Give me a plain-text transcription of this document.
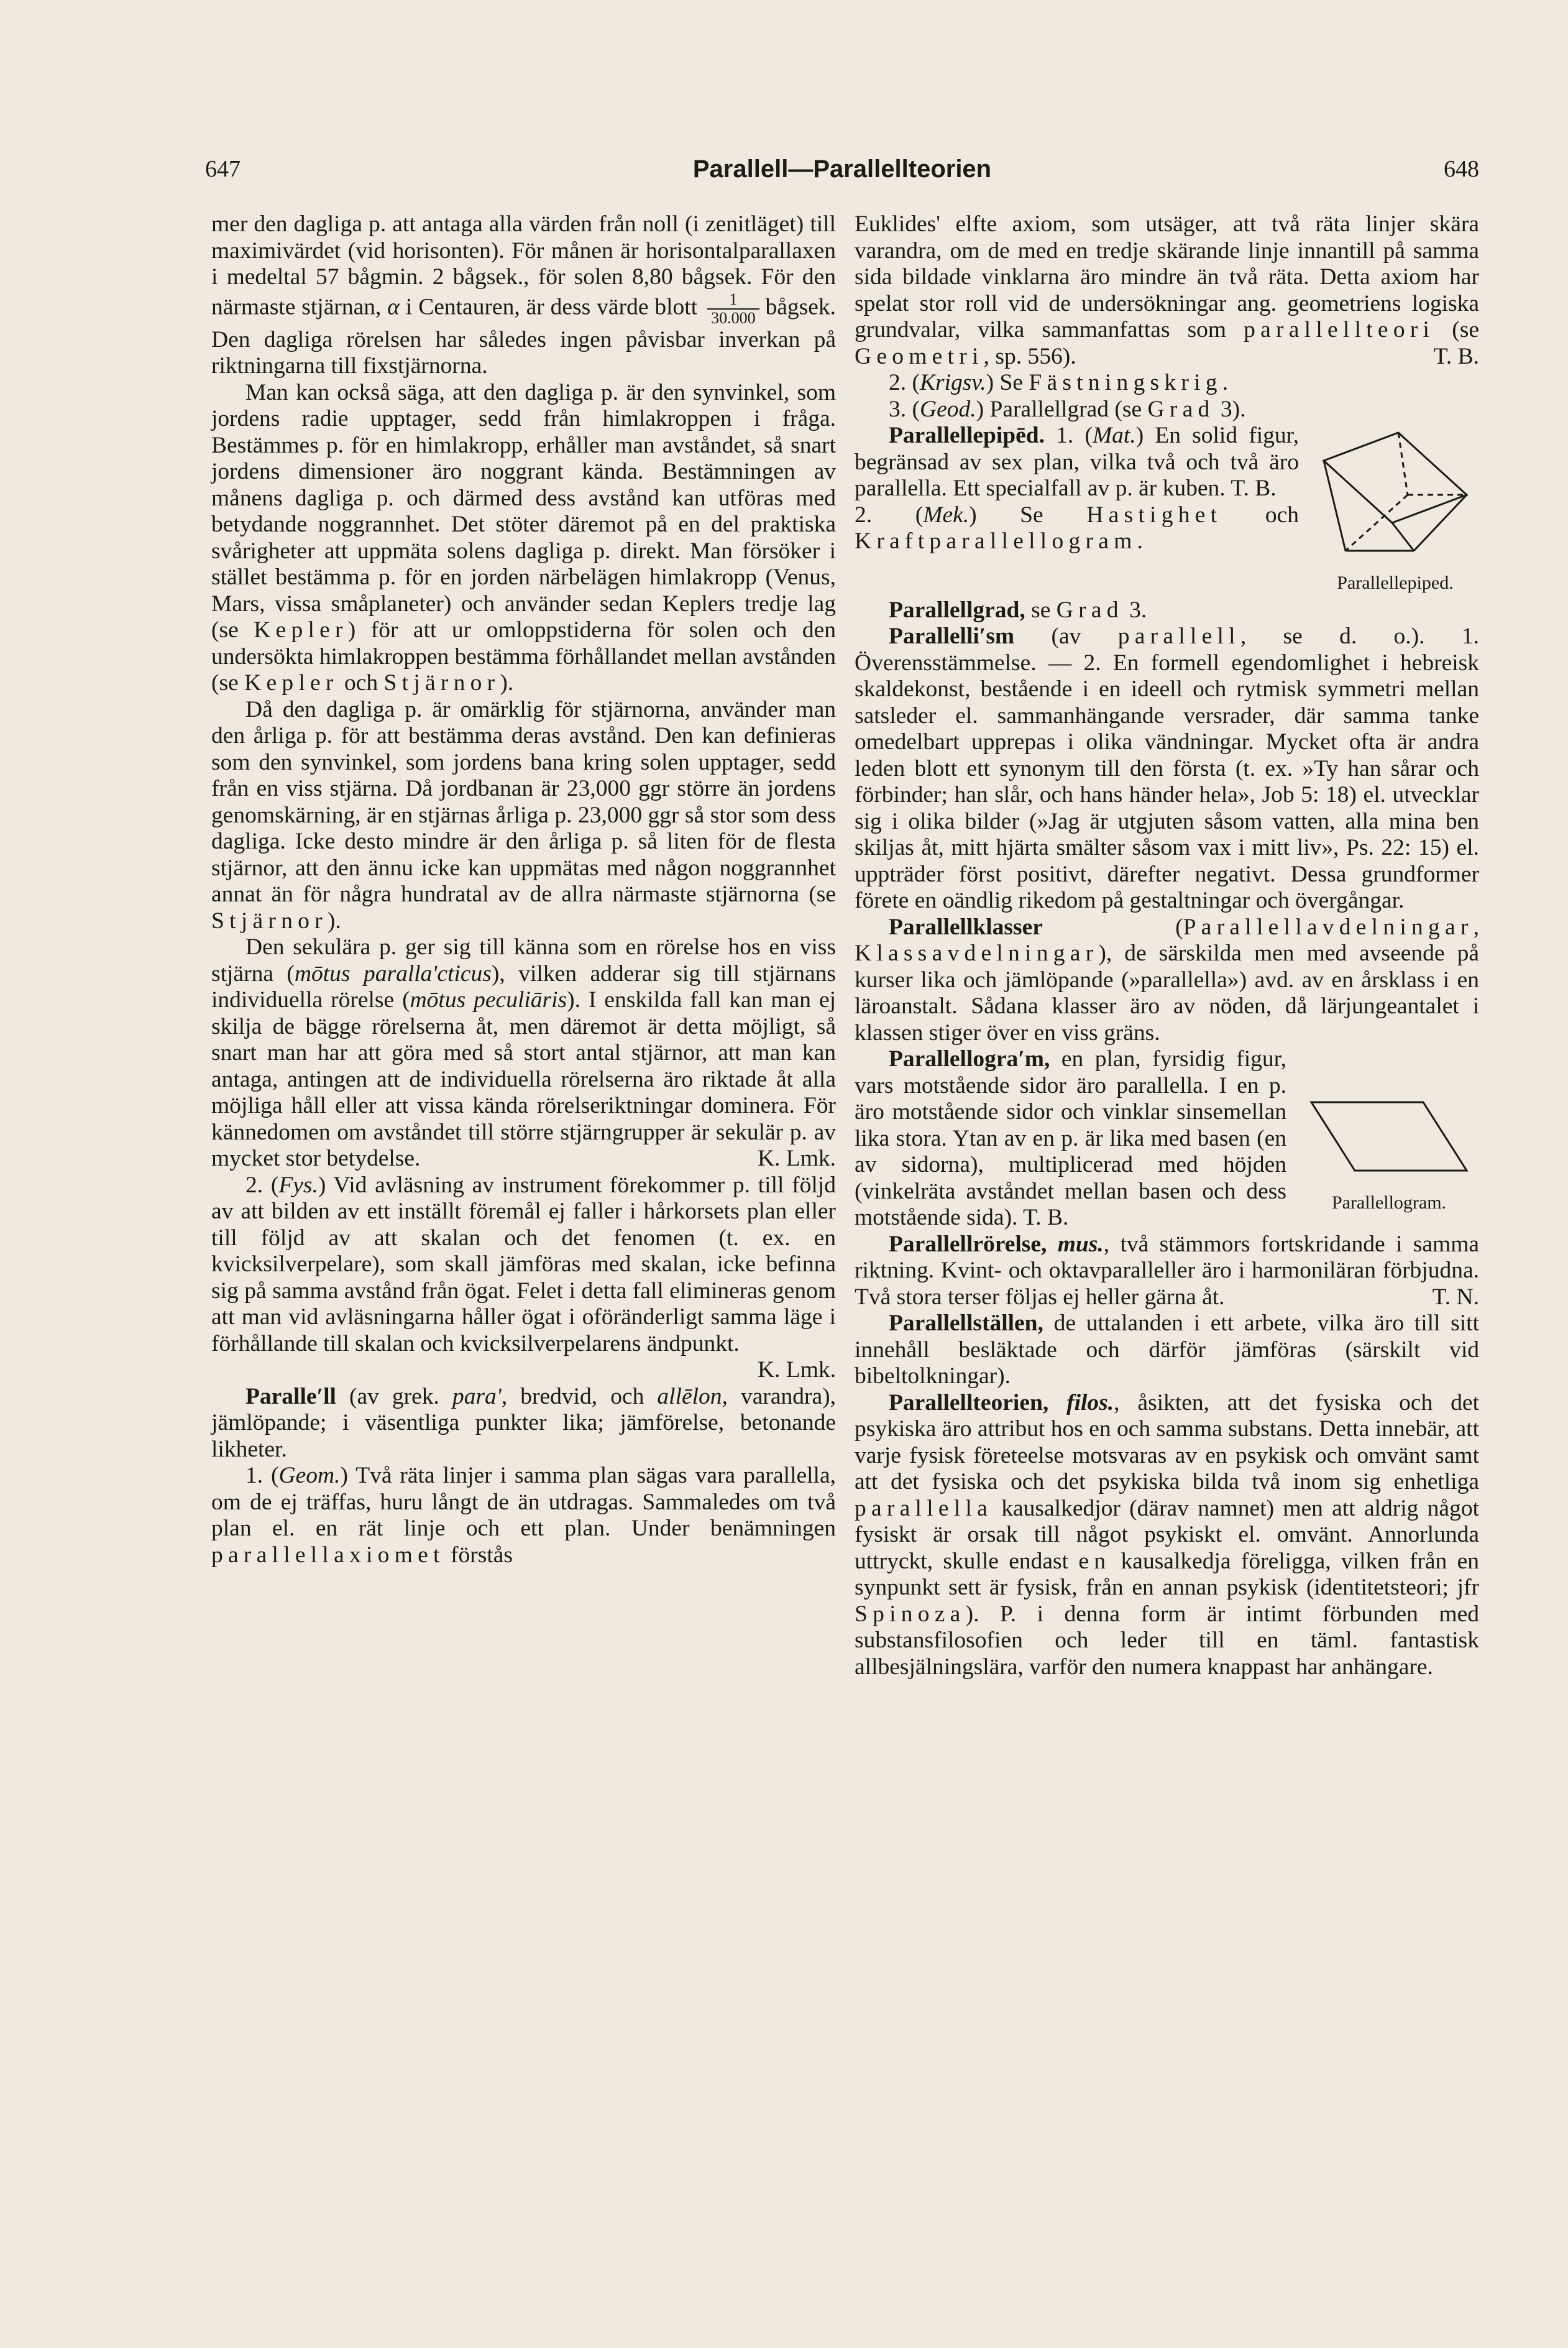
647	Parallell—Parallellteorien	648

mer den dagliga p. att antaga alla värden från noll (i zenitläget) till maximivärdet (vid horisonten). För månen är horisontalparallaxen i medeltal 57 bågmin. 2 bågsek., för solen 8,80 bågsek. För den närmaste stjärnan, α i Centauren, är dess värde blott $\frac{1}{30.000}$ bågsek. Den dagliga rörelsen har således ingen påvisbar inverkan på riktningarna till fixstjärnorna.

Man kan också säga, att den dagliga p. är den synvinkel, som jordens radie upptager, sedd från himlakroppen i fråga. Bestämmes p. för en himlakropp, erhåller man avståndet, så snart jordens dimensioner äro noggrant kända. Bestämningen av månens dagliga p. och därmed dess avstånd kan utföras med betydande noggrannhet. Det stöter däremot på en del praktiska svårigheter att uppmäta solens dagliga p. direkt. Man försöker i stället bestämma p. för en jorden närbelägen himlakropp (Venus, Mars, vissa småplaneter) och använder sedan Keplers tredje lag (se Kepler) för att ur omloppstiderna för solen och den undersökta himlakroppen bestämma förhållandet mellan avstånden (se Kepler och Stjärnor).

Då den dagliga p. är omärklig för stjärnorna, använder man den årliga p. för att bestämma deras avstånd. Den kan definieras som den synvinkel, som jordens bana kring solen upptager, sedd från en viss stjärna. Då jordbanan är 23,000 ggr större än jordens genomskärning, är en stjärnas årliga p. 23,000 ggr så stor som dess dagliga. Icke desto mindre är den årliga p. så liten för de flesta stjärnor, att den ännu icke kan uppmätas med någon noggrannhet annat än för några hundratal av de allra närmaste stjärnorna (se Stjärnor).

Den sekulära p. ger sig till känna som en rörelse hos en viss stjärna (mōtus parallaʹcticus), vilken adderar sig till stjärnans individuella rörelse (mōtus peculiāris). I enskilda fall kan man ej skilja de bägge rörelserna åt, men däremot är detta möjligt, så snart man har att göra med så stort antal stjärnor, att man kan antaga, antingen att de individuella rörelserna äro riktade åt alla möjliga håll eller att vissa kända rörelseriktningar dominera. För kännedomen om avståndet till större stjärngrupper är sekulär p. av mycket stor betydelse.	K. Lmk.

2. (Fys.) Vid avläsning av instrument förekommer p. till följd av att bilden av ett inställt föremål ej faller i hårkorsets plan eller till följd av att skalan och det fenomen (t. ex. en kvicksilverpelare), som skall jämföras med skalan, icke befinna sig på samma avstånd från ögat. Felet i detta fall elimineras genom att man vid avläsningarna håller ögat i oföränderligt samma läge i förhållande till skalan och kvicksilverpelarens ändpunkt.
K. Lmk.

Paralleʹll (av grek. paraʹ, bredvid, och allēlon, varandra), jämlöpande; i väsentliga punkter lika; jämförelse, betonande likheter.

1. (Geom.) Två räta linjer i samma plan sägas vara parallella, om de ej träffas, huru långt de än utdragas. Sammaledes om två plan el. en rät linje och ett plan. Under benämningen parallellaxiomet förstås

Euklides' elfte axiom, som utsäger, att två räta linjer skära varandra, om de med en tredje skärande linje innantill på samma sida bildade vinklarna äro mindre än två räta. Detta axiom har spelat stor roll vid de undersökningar ang. geometriens logiska grundvalar, vilka sammanfattas som parallellteori (se Geometri, sp. 556).	T. B.

2. (Krigsv.) Se Fästningskrig.

3. (Geod.) Parallellgrad (se Grad 3).

Parallellepiped.

Parallellepipēd. 1. (Mat.) En solid figur, begränsad av sex plan, vilka två och två äro parallella. Ett specialfall av p. är kuben. T. B.
2. (Mek.) Se Hastighet och Kraftparallellogram.

Parallellgrad, se Grad 3.

Parallelliʹsm (av parallell, se d. o.). 1. Överensstämmelse. — 2. En formell egendomlighet i hebreisk skaldekonst, bestående i en ideell och rytmisk symmetri mellan satsleder el. sammanhängande versrader, där samma tanke omedelbart upprepas i olika vändningar. Mycket ofta är andra leden blott ett synonym till den första (t. ex. »Ty han sårar och förbinder; han slår, och hans händer hela», Job 5: 18) el. utvecklar sig i olika bilder (»Jag är utgjuten såsom vatten, alla mina ben skiljas åt, mitt hjärta smälter såsom vax i mitt liv», Ps. 22: 15) el. uppträder först positivt, därefter negativt. Dessa grundformer förete en oändlig rikedom på gestaltningar och övergångar.

Parallellklasser	(Parallellavdelningar, Klassavdelningar), de särskilda men med avseende på kurser lika och jämlöpande (»parallella») avd. av en årsklass i en läroanstalt. Sådana klasser äro av nöden, då lärjungeantalet i klassen stiger över en viss gräns.

Parallellogram.

Parallellograʹm, en plan, fyrsidig figur, vars motstående sidor äro parallella. I en p. äro motstående sidor och vinklar sinsemellan lika stora. Ytan av en p. är lika med basen (en av sidorna), multiplicerad med höjden (vinkelräta avståndet mellan basen och dess motstående sida). T. B.

Parallellrörelse, mus., två stämmors fortskridande i samma riktning. Kvint- och oktavparalleller äro i harmoniläran förbjudna. Två stora terser följas ej heller gärna åt.	T. N.

Parallellställen, de uttalanden i ett arbete, vilka äro till sitt innehåll besläktade och därför jämföras (särskilt vid bibeltolkningar).

Parallellteorien, filos., åsikten, att det fysiska och det psykiska äro attribut hos en och samma substans. Detta innebär, att varje fysisk företeelse motsvaras av en psykisk och omvänt samt att det fysiska och det psykiska bilda två inom sig enhetliga parallella kausalkedjor (därav namnet) men att aldrig något fysiskt är orsak till något psykiskt el. omvänt. Annorlunda uttryckt, skulle endast en kausalkedja föreligga, vilken från en synpunkt sett är fysisk, från en annan psykisk (identitetsteori; jfr Spinoza). P. i denna form är intimt förbunden med substansfilosofien och leder till en täml. fantastisk allbesjälningslära, varför den numera knappast har anhängare.
